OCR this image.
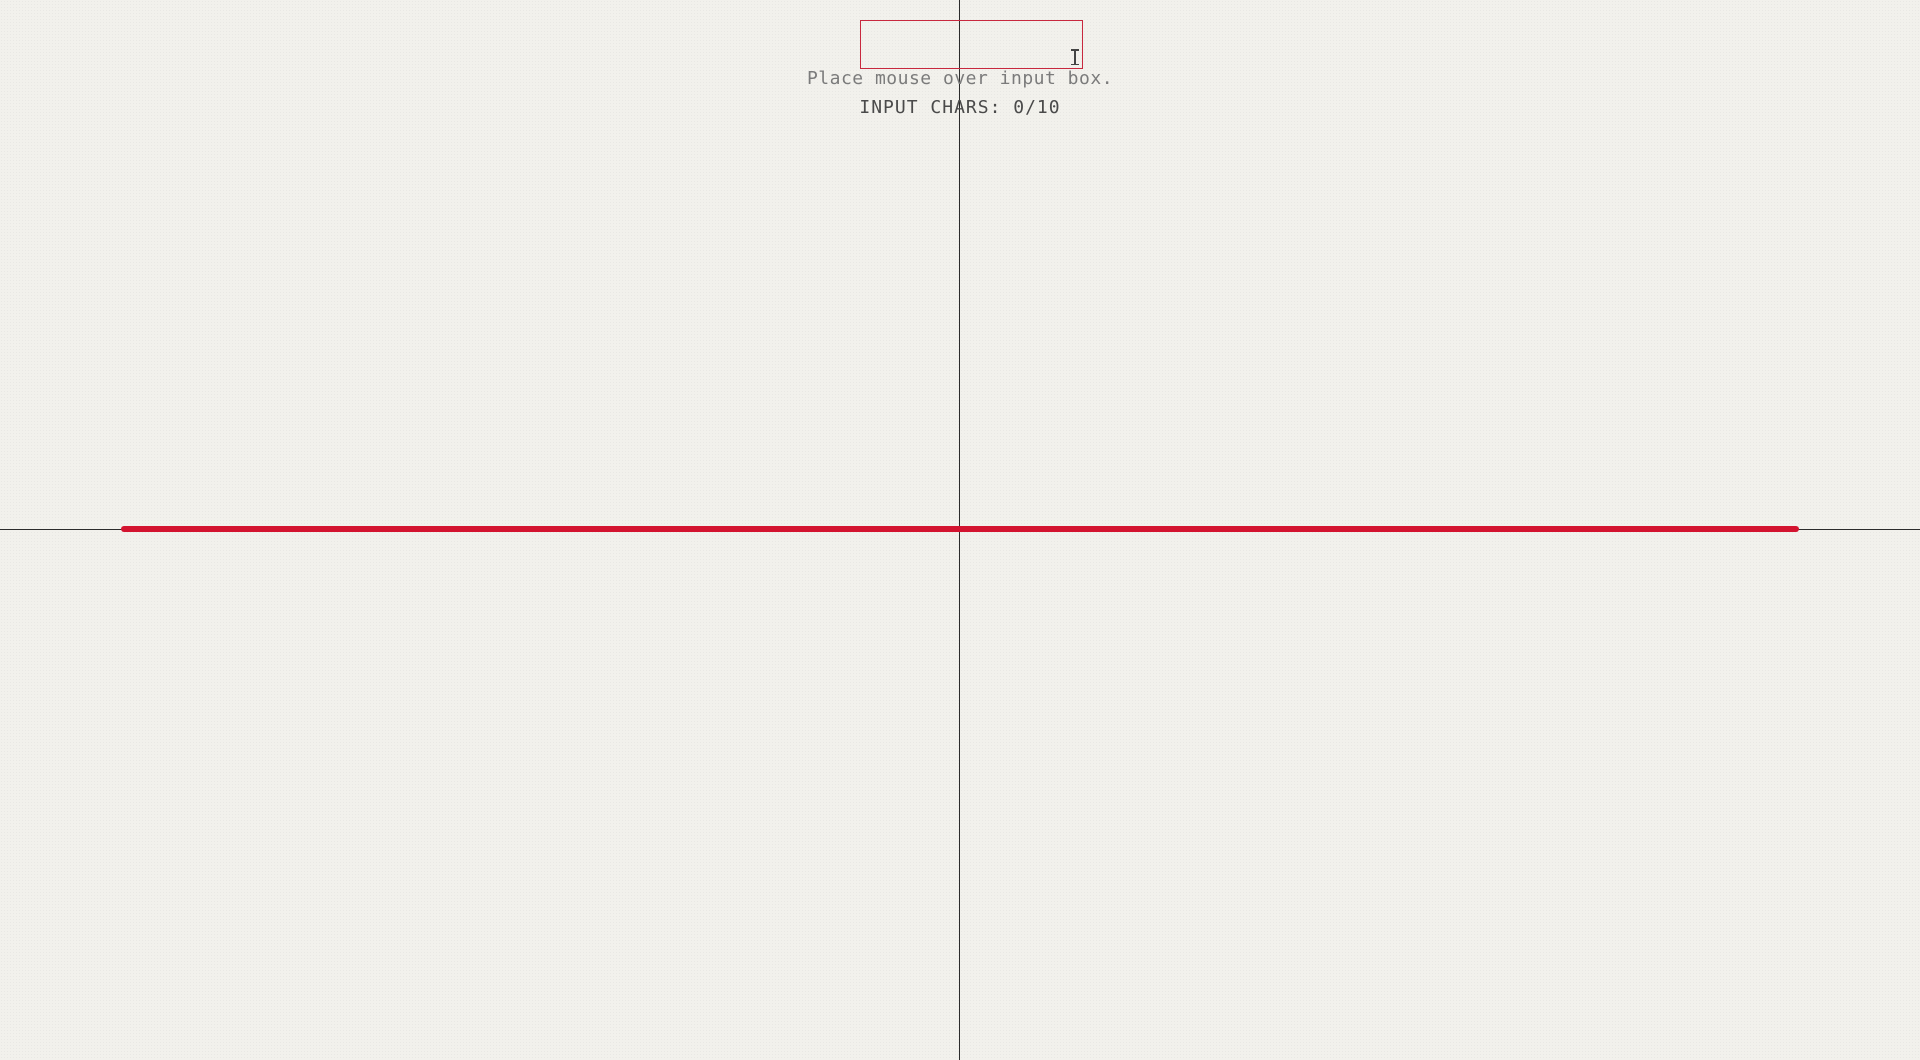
Place mouse over input box.
INPUT CHARS: 0/10
